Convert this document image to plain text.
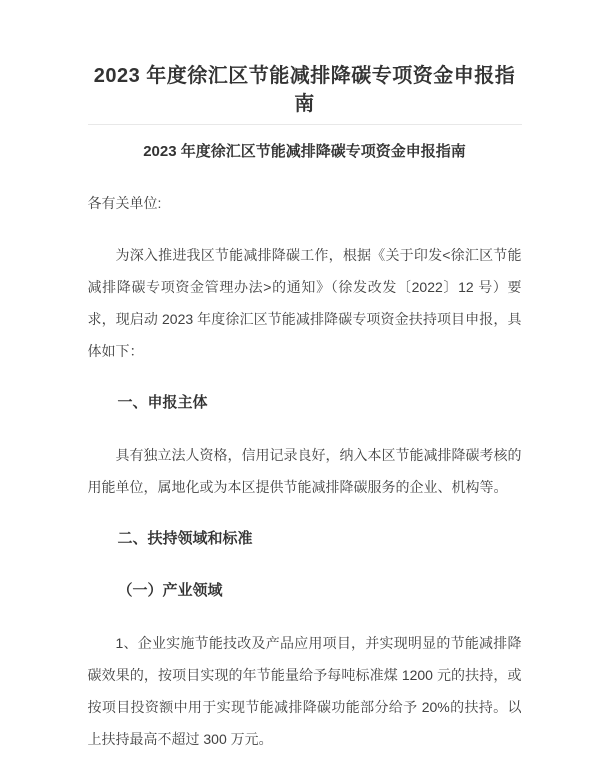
2023 年度徐汇区节能减排降碳专项资金申报指南
2023 年度徐汇区节能减排降碳专项资金申报指南

各有关单位:

为深入推进我区节能减排降碳工作，根据《关于印发<徐汇区节能减排降碳专项资金管理办法>的通知》（徐发改发〔2022〕12 号）要求，现启动 2023 年度徐汇区节能减排降碳专项资金扶持项目申报，具体如下：

一、申报主体

具有独立法人资格，信用记录良好，纳入本区节能减排降碳考核的用能单位，属地化或为本区提供节能减排降碳服务的企业、机构等。

二、扶持领域和标准
（一）产业领域

1、企业实施节能技改及产品应用项目，并实现明显的节能减排降碳效果的，按项目实现的年节能量给予每吨标准煤 1200 元的扶持，或按项目投资额中用于实现节能减排降碳功能部分给予 20%的扶持。以上扶持最高不超过 300 万元。
